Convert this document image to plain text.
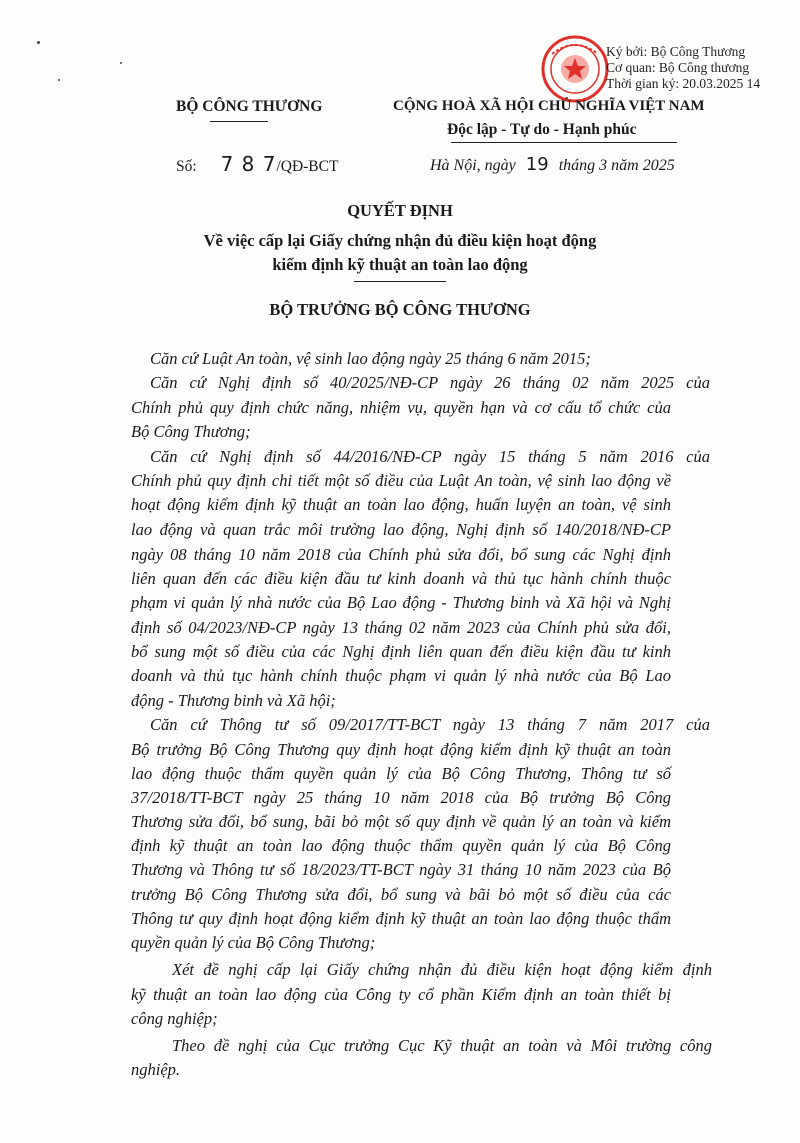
Ký bởi: Bộ Công Thương
Cơ quan: Bộ Công thương
Thời gian ký: 20.03.2025 14
BỘ CÔNG THƯƠNG	CỘNG HOÀ XÃ HỘI CHỦ NGHĨA VIỆT NAM
Độc lập - Tự do - Hạnh phúc
Số: 7 8 7/QĐ-BCT	Hà Nội, ngày 19 tháng 3 năm 2025
QUYẾT ĐỊNH
Về việc cấp lại Giấy chứng nhận đủ điều kiện hoạt động
kiểm định kỹ thuật an toàn lao động
BỘ TRƯỞNG BỘ CÔNG THƯƠNG
Căn cứ Luật An toàn, vệ sinh lao động ngày 25 tháng 6 năm 2015;
Căn cứ Nghị định số 40/2025/NĐ-CP ngày 26 tháng 02 năm 2025 của
Chính phủ quy định chức năng, nhiệm vụ, quyền hạn và cơ cấu tổ chức của
Bộ Công Thương;
Căn cứ Nghị định số 44/2016/NĐ-CP ngày 15 tháng 5 năm 2016 của
Chính phủ quy định chi tiết một số điều của Luật An toàn, vệ sinh lao động về
hoạt động kiểm định kỹ thuật an toàn lao động, huấn luyện an toàn, vệ sinh
lao động và quan trắc môi trường lao động, Nghị định số 140/2018/NĐ-CP
ngày 08 tháng 10 năm 2018 của Chính phủ sửa đổi, bổ sung các Nghị định
liên quan đến các điều kiện đầu tư kinh doanh và thủ tục hành chính thuộc
phạm vi quản lý nhà nước của Bộ Lao động - Thương binh và Xã hội và Nghị
định số 04/2023/NĐ-CP ngày 13 tháng 02 năm 2023 của Chính phủ sửa đổi,
bổ sung một số điều của các Nghị định liên quan đến điều kiện đầu tư kinh
doanh và thủ tục hành chính thuộc phạm vi quản lý nhà nước của Bộ Lao
động - Thương binh và Xã hội;
Căn cứ Thông tư số 09/2017/TT-BCT ngày 13 tháng 7 năm 2017 của
Bộ trưởng Bộ Công Thương quy định hoạt động kiểm định kỹ thuật an toàn
lao động thuộc thẩm quyền quản lý của Bộ Công Thương, Thông tư số
37/2018/TT-BCT ngày 25 tháng 10 năm 2018 của Bộ trưởng Bộ Công
Thương sửa đổi, bổ sung, bãi bỏ một số quy định về quản lý an toàn và kiểm
định kỹ thuật an toàn lao động thuộc thẩm quyền quản lý của Bộ Công
Thương và Thông tư số 18/2023/TT-BCT ngày 31 tháng 10 năm 2023 của Bộ
trưởng Bộ Công Thương sửa đổi, bổ sung và bãi bỏ một số điều của các
Thông tư quy định hoạt động kiểm định kỹ thuật an toàn lao động thuộc thẩm
quyền quản lý của Bộ Công Thương;
Xét đề nghị cấp lại Giấy chứng nhận đủ điều kiện hoạt động kiểm định
kỹ thuật an toàn lao động của Công ty cổ phần Kiểm định an toàn thiết bị
công nghiệp;
Theo đề nghị của Cục trưởng Cục Kỹ thuật an toàn và Môi trường công
nghiệp.
